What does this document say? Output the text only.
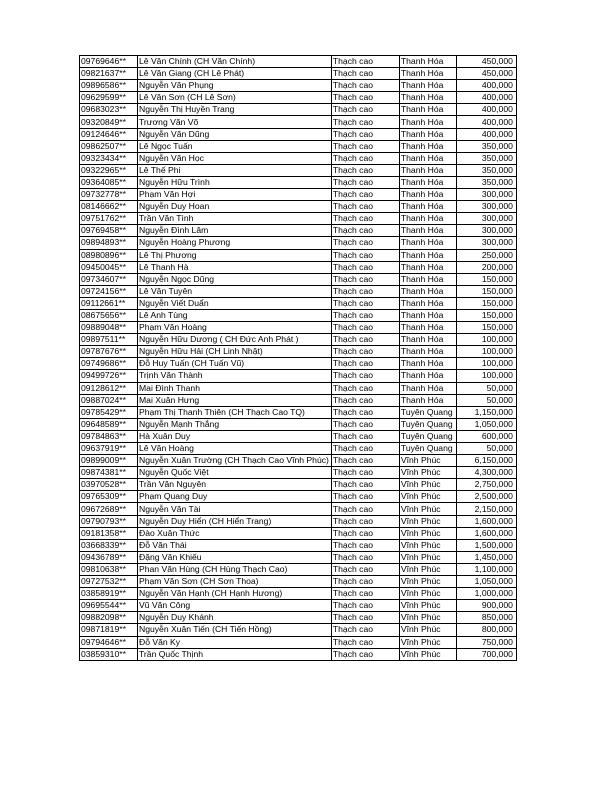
09769646**	Lê Văn Chính (CH Văn Chính)	Thạch cao	Thanh Hóa	450,000
09821637**	Lê Văn Giang (CH Lê Phát)	Thạch cao	Thanh Hóa	450,000
09896586**	Nguyễn Văn Phụng	Thạch cao	Thanh Hóa	400,000
09629599**	Lê Văn Sơn (CH Lê Sơn)	Thạch cao	Thanh Hóa	400,000
09683023**	Nguyễn Thị Huyền Trang	Thạch cao	Thanh Hóa	400,000
09320849**	Trương Văn Võ	Thạch cao	Thanh Hóa	400,000
09124646**	Nguyễn Văn Dũng	Thạch cao	Thanh Hóa	400,000
09862507**	Lê Ngọc Tuấn	Thạch cao	Thanh Hóa	350,000
09323434**	Nguyễn Văn Học	Thạch cao	Thanh Hóa	350,000
09322965**	Lê Thế Phi	Thạch cao	Thanh Hóa	350,000
09364085**	Nguyễn Hữu Trình	Thạch cao	Thanh Hóa	350,000
09732778**	Phạm Văn Hợi	Thạch cao	Thanh Hóa	300,000
08146662**	Nguyễn Duy Hoan	Thạch cao	Thanh Hóa	300,000
09751762**	Trần Văn Tình	Thạch cao	Thanh Hóa	300,000
09769458**	Nguyễn Đình Lâm	Thạch cao	Thanh Hóa	300,000
09894893**	Nguyễn Hoàng Phương	Thạch cao	Thanh Hóa	300,000
08980896**	Lê Thị Phương	Thạch cao	Thanh Hóa	250,000
09450045**	Lê Thanh Hà	Thạch cao	Thanh Hóa	200,000
09734607**	Nguyễn Ngọc Dũng	Thạch cao	Thanh Hóa	150,000
09724156**	Lê Văn Tuyên	Thạch cao	Thanh Hóa	150,000
09112661**	Nguyễn Viết Duẩn	Thạch cao	Thanh Hóa	150,000
08675656**	Lê Anh Tùng	Thạch cao	Thanh Hóa	150,000
09889048**	Phạm Văn Hoàng	Thạch cao	Thanh Hóa	150,000
09897511**	Nguyễn Hữu Dương ( CH Đức Anh Phát )	Thạch cao	Thanh Hóa	100,000
09787676**	Nguyễn Hữu Hải (CH Linh Nhật)	Thạch cao	Thanh Hóa	100,000
09749686**	Đỗ Huy Tuấn (CH Tuấn Vũ)	Thạch cao	Thanh Hóa	100,000
09499726**	Trịnh Văn Thành	Thạch cao	Thanh Hóa	100,000
09128612**	Mai Đình Thanh	Thạch cao	Thanh Hóa	50,000
09887024**	Mai Xuân Hưng	Thạch cao	Thanh Hóa	50,000
09785429**	Phạm Thị Thanh Thiên (CH Thạch Cao TQ)	Thạch cao	Tuyên Quang	1,150,000
09648589**	Nguyễn Mạnh Thắng	Thạch cao	Tuyên Quang	1,050,000
09784863**	Hà Xuân Duy	Thạch cao	Tuyên Quang	600,000
09637919**	Lê Văn Hoàng	Thạch cao	Tuyên Quang	50,000
09899009**	Nguyễn Xuân Trường (CH Thạch Cao Vĩnh Phúc)	Thạch cao	Vĩnh Phúc	6,150,000
09874381**	Nguyễn Quốc Việt	Thạch cao	Vĩnh Phúc	4,300,000
03970528**	Trần Văn Nguyên	Thạch cao	Vĩnh Phúc	2,750,000
09765309**	Phạm Quang Duy	Thạch cao	Vĩnh Phúc	2,500,000
09672689**	Nguyễn Văn Tài	Thạch cao	Vĩnh Phúc	2,150,000
09790793**	Nguyễn Duy Hiển (CH Hiển Trang)	Thạch cao	Vĩnh Phúc	1,600,000
09181358**	Đào Xuân Thức	Thạch cao	Vĩnh Phúc	1,600,000
03668339**	Đỗ Văn Thái	Thạch cao	Vĩnh Phúc	1,500,000
09436789**	Đặng Văn Khiếu	Thạch cao	Vĩnh Phúc	1,450,000
09810638**	Phan Văn Hùng (CH Hùng Thạch Cao)	Thạch cao	Vĩnh Phúc	1,100,000
09727532**	Phạm Văn Sơn (CH Sơn Thoa)	Thạch cao	Vĩnh Phúc	1,050,000
03858919**	Nguyễn Văn Hạnh (CH Hạnh Hương)	Thạch cao	Vĩnh Phúc	1,000,000
09695544**	Vũ Văn Công	Thạch cao	Vĩnh Phúc	900,000
09882098**	Nguyễn Duy Khánh	Thạch cao	Vĩnh Phúc	850,000
09871819**	Nguyễn Xuân Tiến (CH Tiến Hồng)	Thạch cao	Vĩnh Phúc	800,000
09794646**	Đỗ Văn Ky	Thạch cao	Vĩnh Phúc	750,000
03859310**	Trần Quốc Thịnh	Thạch cao	Vĩnh Phúc	700,000
